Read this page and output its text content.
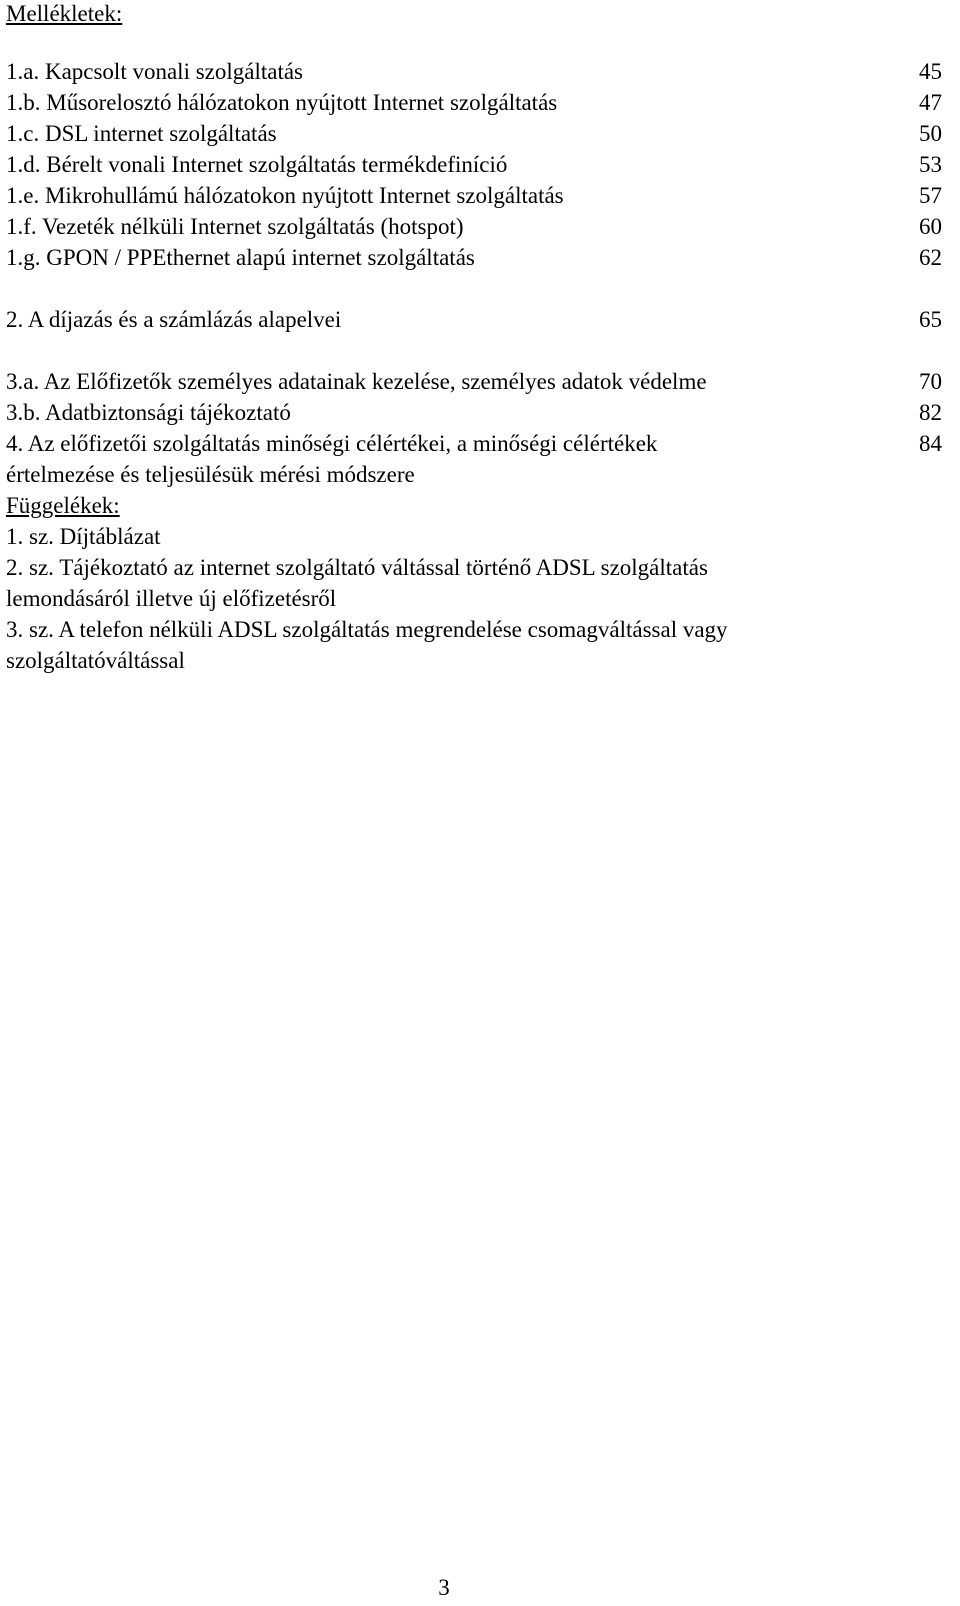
Mellékletek:
1.a. Kapcsolt vonali szolgáltatás	45
1.b. Műsorelosztó hálózatokon nyújtott Internet szolgáltatás	47
1.c. DSL internet szolgáltatás	50
1.d. Bérelt vonali Internet szolgáltatás termékdefiníció	53
1.e. Mikrohullámú hálózatokon nyújtott Internet szolgáltatás	57
1.f. Vezeték nélküli Internet szolgáltatás (hotspot)	60
1.g. GPON / PPEthernet alapú internet szolgáltatás	62
2. A díjazás és a számlázás alapelvei	65
3.a. Az Előfizetők személyes adatainak kezelése, személyes adatok védelme	70
3.b. Adatbiztonsági tájékoztató	82
4. Az előfizetői szolgáltatás minőségi célértékei, a minőségi célértékek	84
értelmezése és teljesülésük mérési módszere
Függelékek:
1. sz. Díjtáblázat
2. sz. Tájékoztató az internet szolgáltató váltással történő ADSL szolgáltatás
lemondásáról illetve új előfizetésről
3. sz. A telefon nélküli ADSL szolgáltatás megrendelése csomagváltással vagy
szolgáltatóváltással
3
